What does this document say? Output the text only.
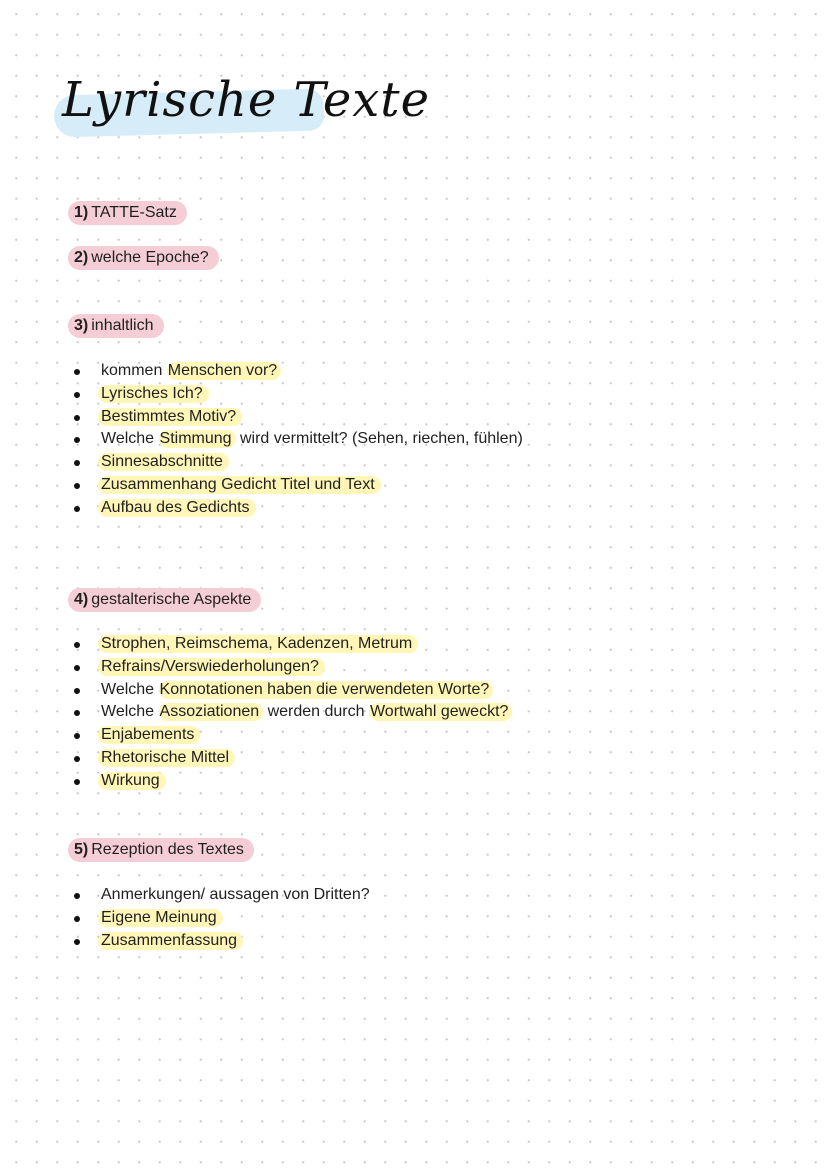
Lyrische Texte
1) TATTE-Satz
2) welche Epoche?
3) inhaltlich
kommen Menschen vor?
Lyrisches Ich?
Bestimmtes Motiv?
Welche Stimmung wird vermittelt? (Sehen, riechen, fühlen)
Sinnesabschnitte
Zusammenhang Gedicht Titel und Text
Aufbau des Gedichts
4) gestalterische Aspekte
Strophen, Reimschema, Kadenzen, Metrum
Refrains/Verswiederholungen?
Welche Konnotationen haben die verwendeten Worte?
Welche Assoziationen werden durch Wortwahl geweckt?
Enjabements
Rhetorische Mittel
Wirkung
5) Rezeption des Textes
Anmerkungen/ aussagen von Dritten?
Eigene Meinung
Zusammenfassung
